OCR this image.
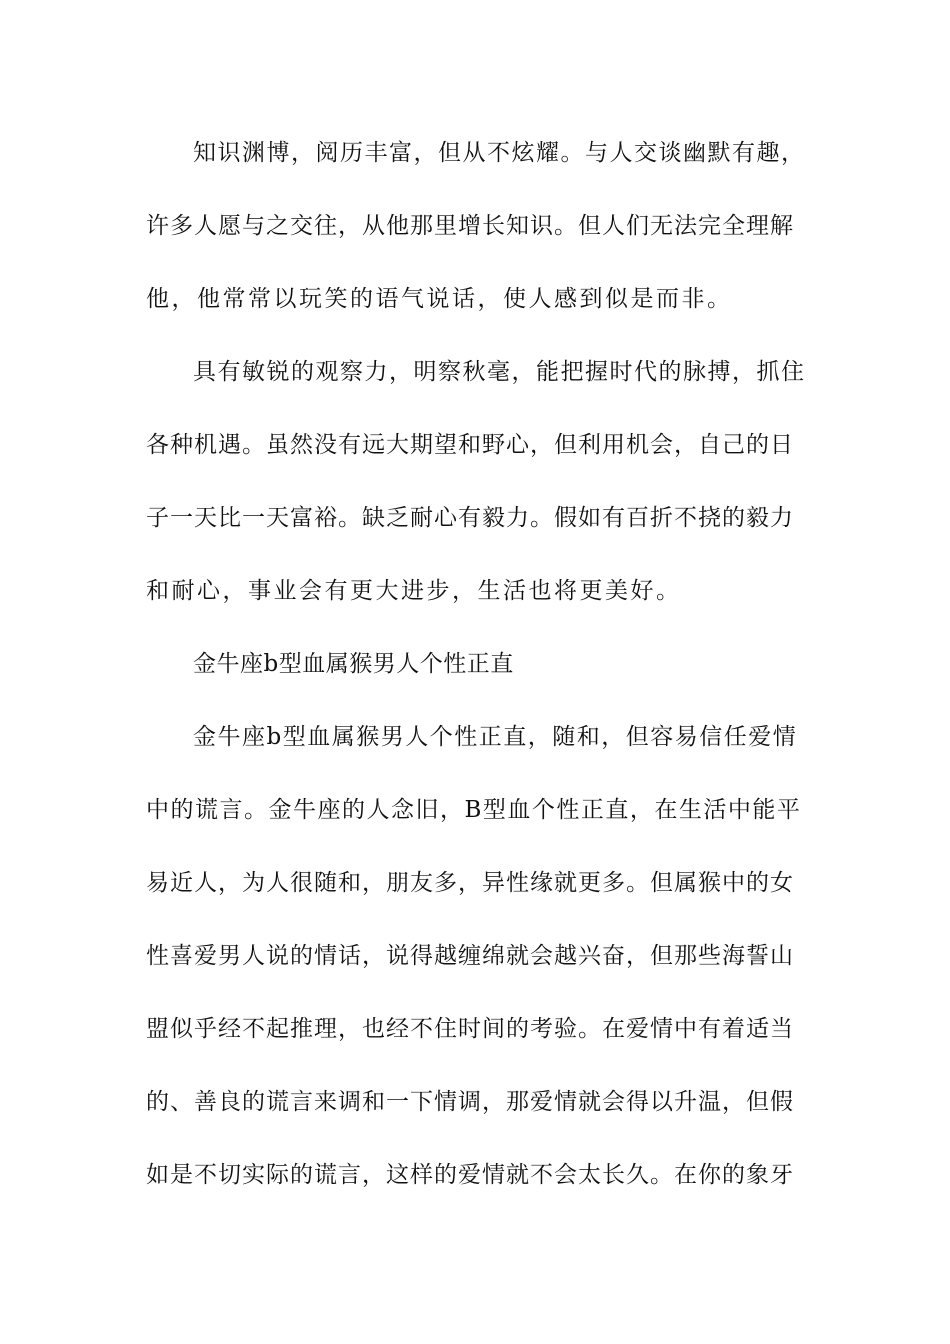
知识渊博，阅历丰富，但从不炫耀。与人交谈幽默有趣，
许多人愿与之交往，从他那里增长知识。但人们无法完全理解
他，他常常以玩笑的语气说话，使人感到似是而非。
具有敏锐的观察力，明察秋毫，能把握时代的脉搏，抓住
各种机遇。虽然没有远大期望和野心，但利用机会，自己的日
子一天比一天富裕。缺乏耐心有毅力。假如有百折不挠的毅力
和耐心，事业会有更大进步，生活也将更美好。
金牛座b型血属猴男人个性正直
金牛座b型血属猴男人个性正直，随和，但容易信任爱情
中的谎言。金牛座的人念旧，B型血个性正直，在生活中能平
易近人，为人很随和，朋友多，异性缘就更多。但属猴中的女
性喜爱男人说的情话，说得越缠绵就会越兴奋，但那些海誓山
盟似乎经不起推理，也经不住时间的考验。在爱情中有着适当
的、善良的谎言来调和一下情调，那爱情就会得以升温，但假
如是不切实际的谎言，这样的爱情就不会太长久。在你的象牙
